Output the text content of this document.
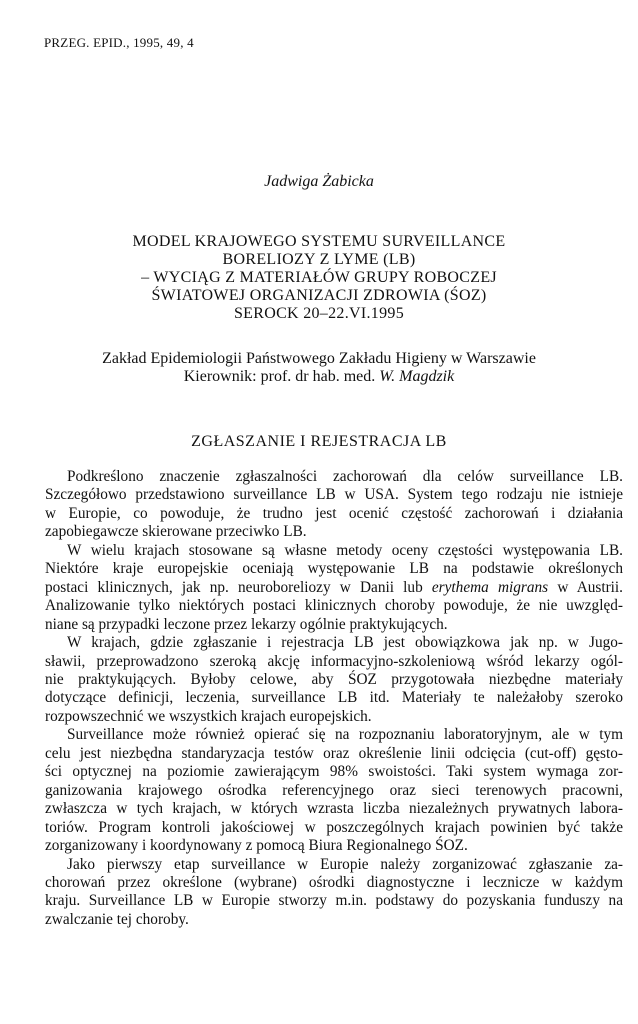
PRZEG. EPID., 1995, 49, 4
Jadwiga Żabicka
MODEL KRAJOWEGO SYSTEMU SURVEILLANCE
BORELIOZY Z LYME (LB)
– WYCIĄG Z MATERIAŁÓW GRUPY ROBOCZEJ
ŚWIATOWEJ ORGANIZACJI ZDROWIA (ŚOZ)
SEROCK 20–22.VI.1995
Zakład Epidemiologii Państwowego Zakładu Higieny w Warszawie
Kierownik: prof. dr hab. med. W. Magdzik
ZGŁASZANIE I REJESTRACJA LB

Podkreślono znaczenie zgłaszalności zachorowań dla celów surveillance LB.
Szczegółowo przedstawiono surveillance LB w USA. System tego rodzaju nie istnieje
w Europie, co powoduje, że trudno jest ocenić częstość zachorowań i działania
zapobiegawcze skierowane przeciwko LB.

W wielu krajach stosowane są własne metody oceny częstości występowania LB.
Niektóre kraje europejskie oceniają występowanie LB na podstawie określonych
postaci klinicznych, jak np. neuroboreliozy w Danii lub erythema migrans w Austrii.
Analizowanie tylko niektórych postaci klinicznych choroby powoduje, że nie uwzględ-
niane są przypadki leczone przez lekarzy ogólnie praktykujących.

W krajach, gdzie zgłaszanie i rejestracja LB jest obowiązkowa jak np. w Jugo-
sławii, przeprowadzono szeroką akcję informacyjno-szkoleniową wśród lekarzy ogól-
nie praktykujących. Byłoby celowe, aby ŚOZ przygotowała niezbędne materiały
dotyczące definicji, leczenia, surveillance LB itd. Materiały te należałoby szeroko
rozpowszechnić we wszystkich krajach europejskich.

Surveillance może również opierać się na rozpoznaniu laboratoryjnym, ale w tym
celu jest niezbędna standaryzacja testów oraz określenie linii odcięcia (cut-off) gęsto-
ści optycznej na poziomie zawierającym 98% swoistości. Taki system wymaga zor-
ganizowania krajowego ośrodka referencyjnego oraz sieci terenowych pracowni,
zwłaszcza w tych krajach, w których wzrasta liczba niezależnych prywatnych labora-
toriów. Program kontroli jakościowej w poszczególnych krajach powinien być także
zorganizowany i koordynowany z pomocą Biura Regionalnego ŚOZ.

Jako pierwszy etap surveillance w Europie należy zorganizować zgłaszanie za-
chorowań przez określone (wybrane) ośrodki diagnostyczne i lecznicze w każdym
kraju. Surveillance LB w Europie stworzy m.in. podstawy do pozyskania funduszy na
zwalczanie tej choroby.
